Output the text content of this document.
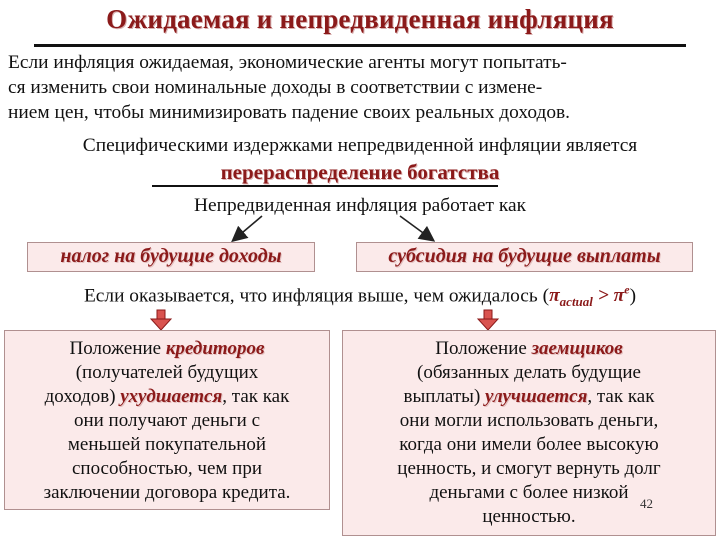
Ожидаемая и непредвиденная инфляция
Если инфляция ожидаемая, экономические агенты могут попытать-
ся изменить свои номинальные доходы в соответствии с измене-
нием цен, чтобы минимизировать падение своих реальных доходов.
Специфическими издержками непредвиденной инфляции является
перераспределение богатства
Непредвиденная инфляция работает как
налог на будущие доходы	субсидия на будущие выплаты
Если оказывается, что инфляция выше, чем ожидалось $(\pi_{actual} > \pi^e)$
Положение кредиторов
(получателей будущих
доходов) ухудшается, так как
они получают деньги с
меньшей покупательной
способностью, чем при
заключении договора кредита.
Положение заемщиков
(обязанных делать будущие
выплаты) улучшается, так как
они могли использовать деньги,
когда они имели более высокую
ценность, и смогут вернуть долг
деньгами с более низкой
ценностью.
42
